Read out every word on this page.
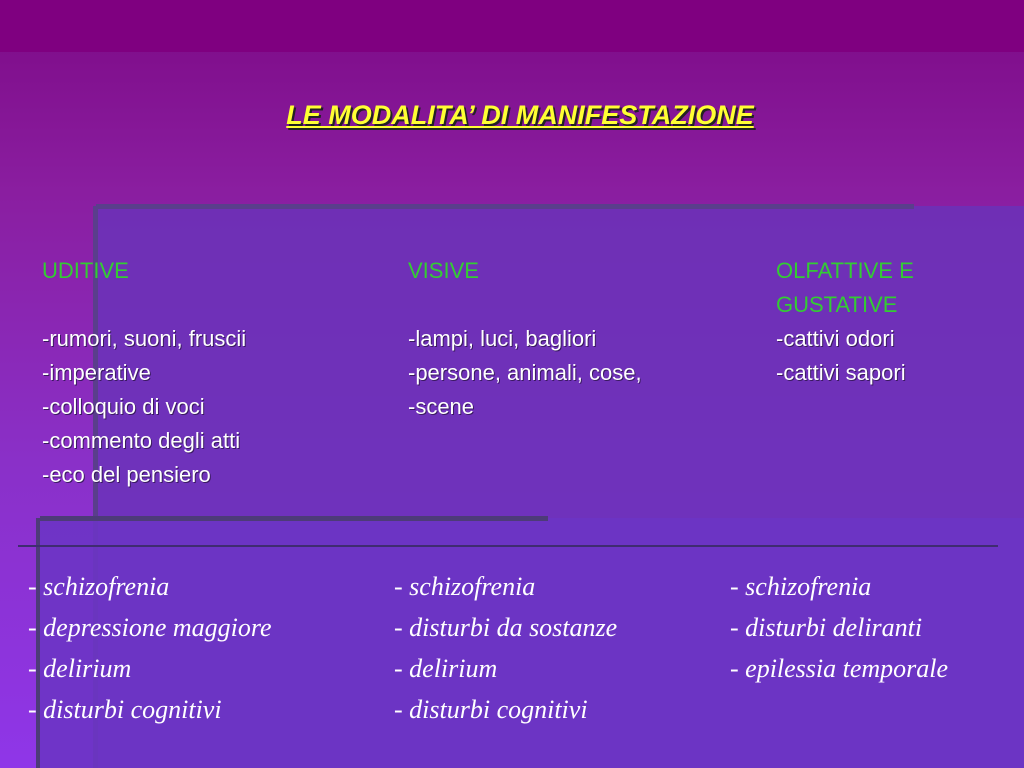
LE MODALITA’ DI MANIFESTAZIONE
UDITIVE
-rumori, suoni, fruscii
-imperative
-colloquio di voci
-commento degli atti
-eco del pensiero
VISIVE
-lampi, luci, bagliori
-persone, animali, cose,
-scene
OLFATTIVE E GUSTATIVE
-cattivi odori
-cattivi sapori
- schizofrenia
- depressione maggiore
- delirium
- disturbi cognitivi
- schizofrenia
- disturbi da sostanze
- delirium
- disturbi cognitivi
- schizofrenia
- disturbi deliranti
- epilessia temporale
